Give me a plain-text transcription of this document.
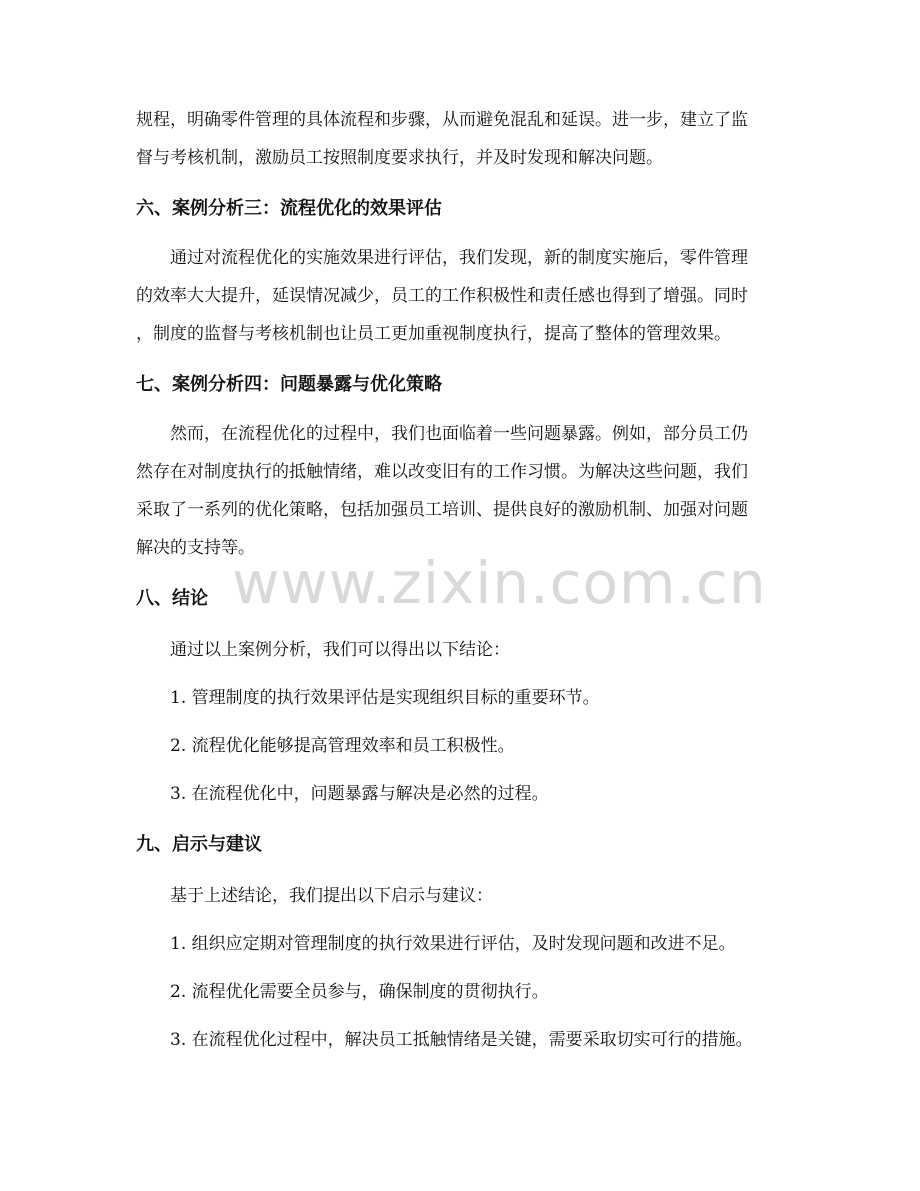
www.zixin.com.cn
规程，明确零件管理的具体流程和步骤，从而避免混乱和延误。进一步，建立了监
督与考核机制，激励员工按照制度要求执行，并及时发现和解决问题。
六、案例分析三：流程优化的效果评估
通过对流程优化的实施效果进行评估，我们发现，新的制度实施后，零件管理
的效率大大提升，延误情况减少，员工的工作积极性和责任感也得到了增强。同时
，制度的监督与考核机制也让员工更加重视制度执行，提高了整体的管理效果。
七、案例分析四：问题暴露与优化策略
然而，在流程优化的过程中，我们也面临着一些问题暴露。例如，部分员工仍
然存在对制度执行的抵触情绪，难以改变旧有的工作习惯。为解决这些问题，我们
采取了一系列的优化策略，包括加强员工培训、提供良好的激励机制、加强对问题
解决的支持等。
八、结论
通过以上案例分析，我们可以得出以下结论：
1. 管理制度的执行效果评估是实现组织目标的重要环节。
2. 流程优化能够提高管理效率和员工积极性。
3. 在流程优化中，问题暴露与解决是必然的过程。
九、启示与建议
基于上述结论，我们提出以下启示与建议：
1. 组织应定期对管理制度的执行效果进行评估，及时发现问题和改进不足。
2. 流程优化需要全员参与，确保制度的贯彻执行。
3. 在流程优化过程中，解决员工抵触情绪是关键，需要采取切实可行的措施。
